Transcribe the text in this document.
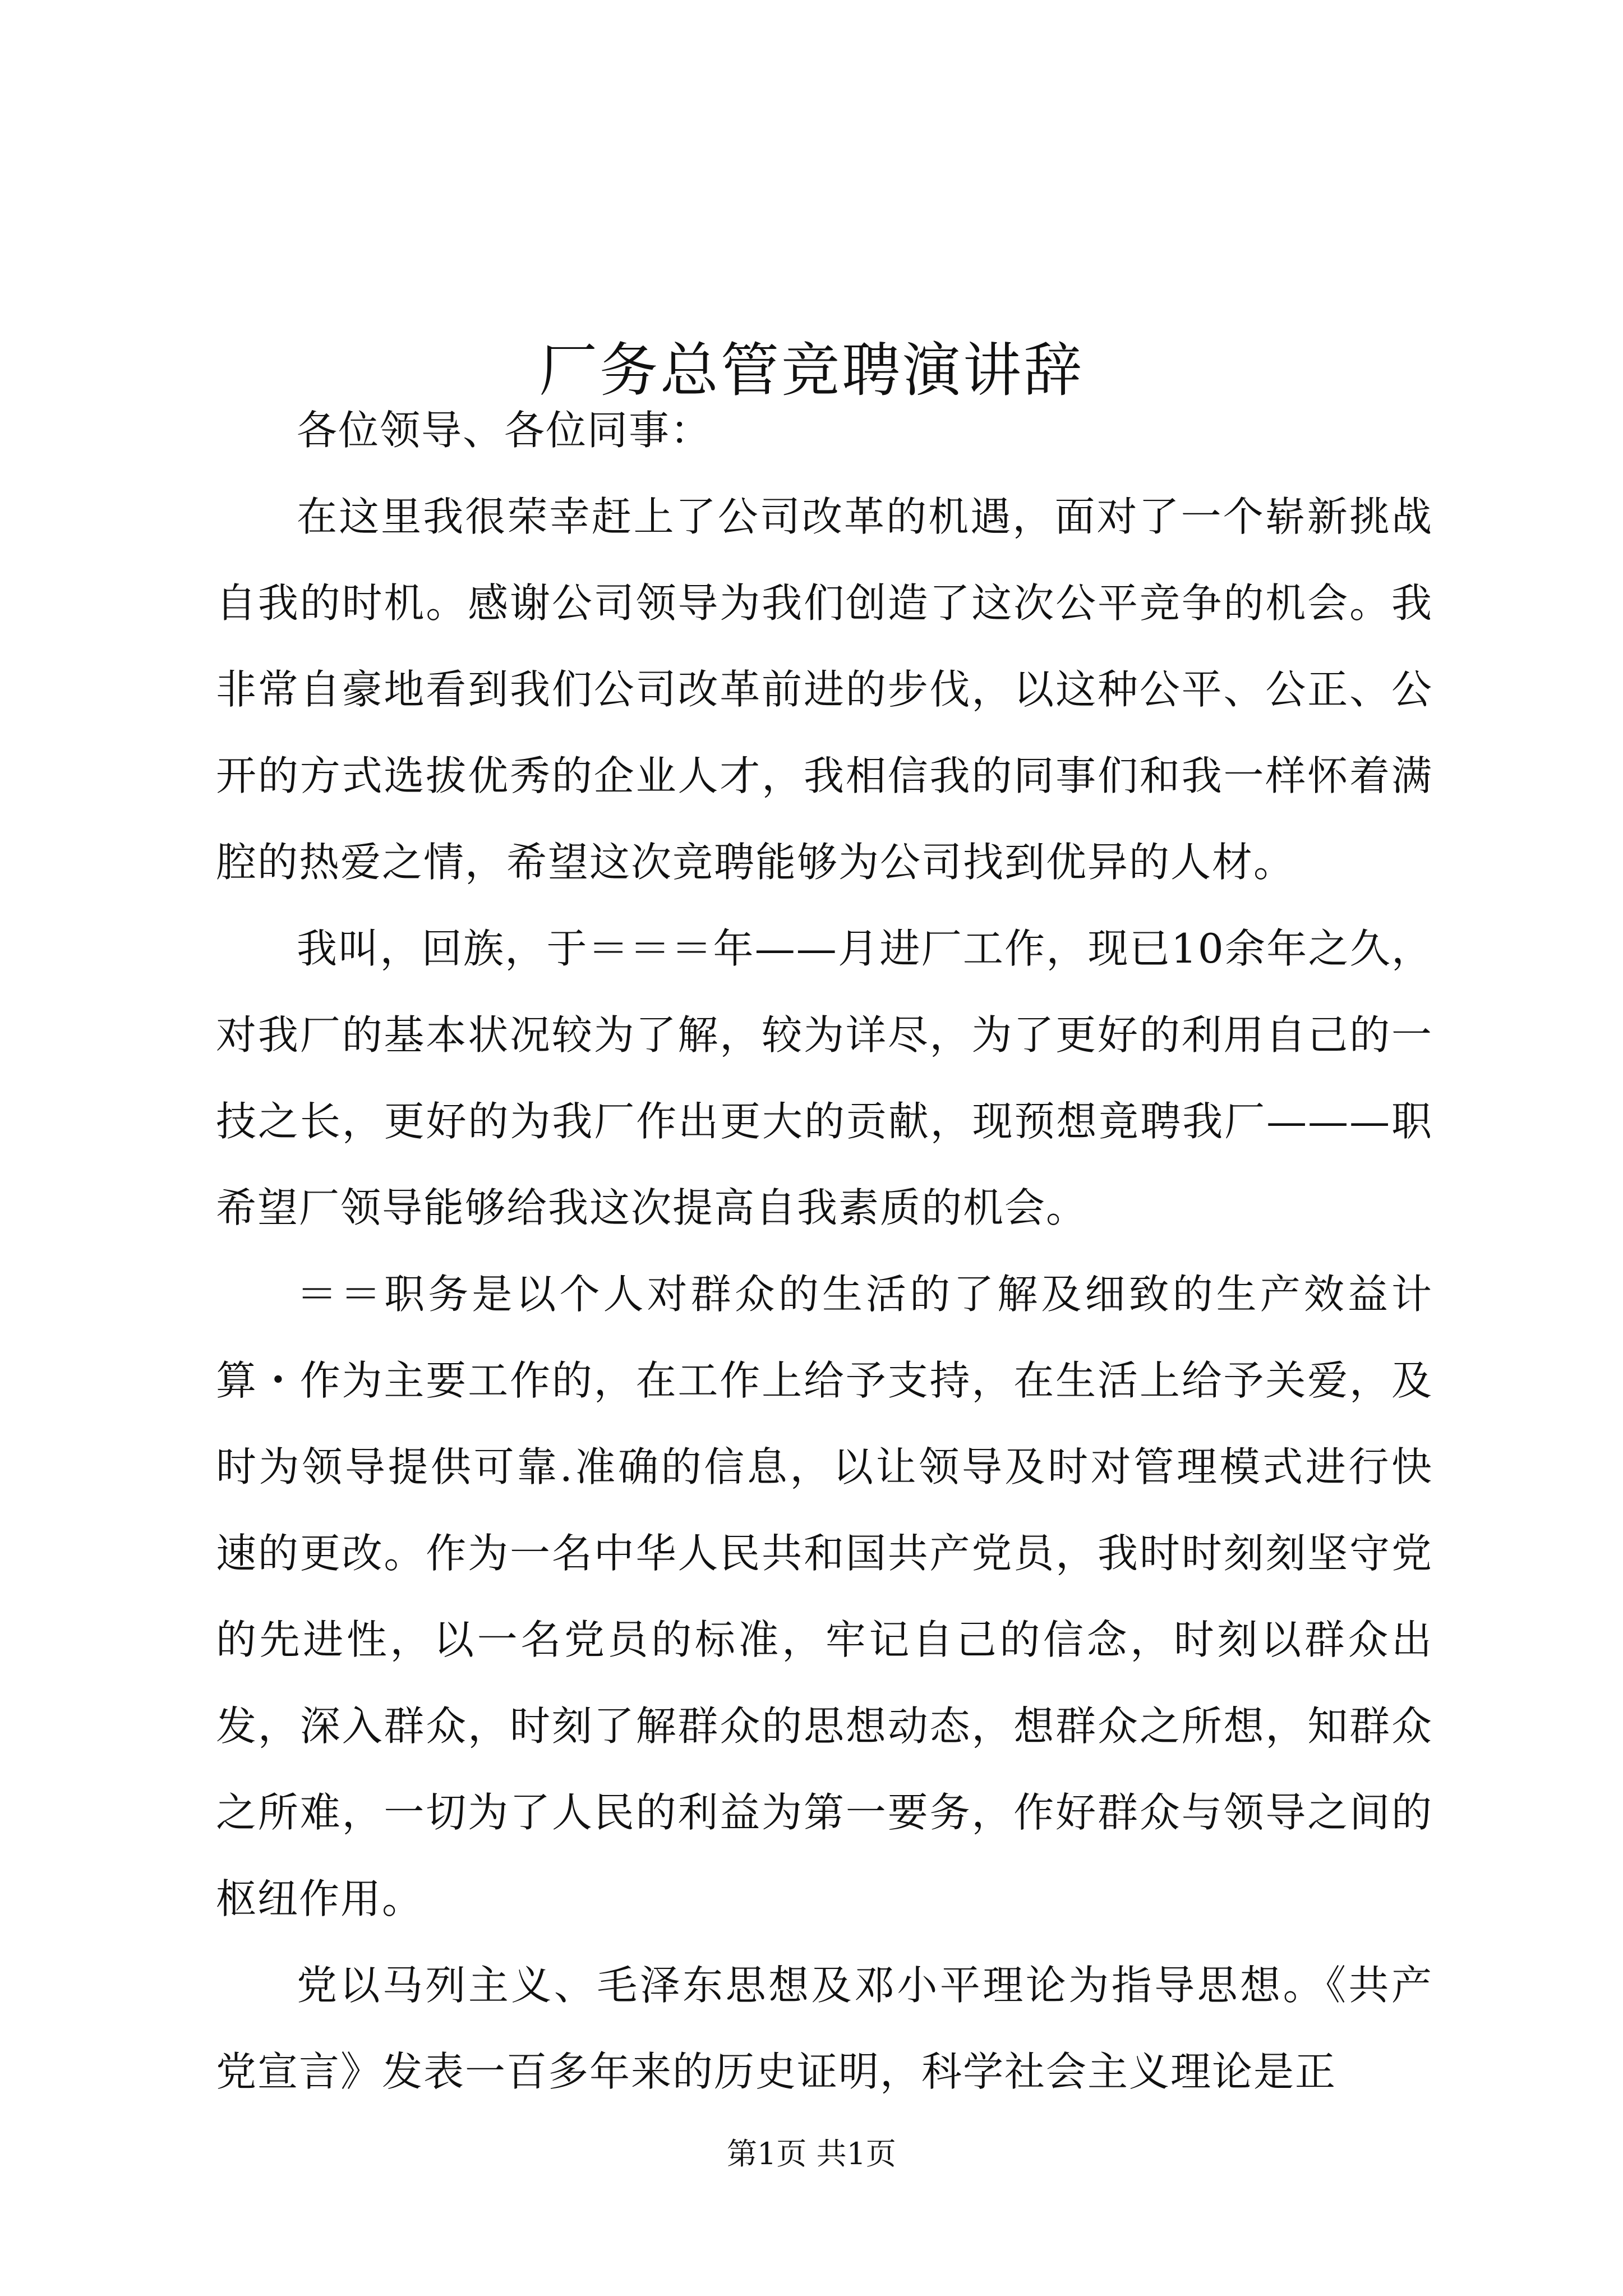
厂务总管竞聘演讲辞

各位领导、各位同事：

在这里我很荣幸赶上了公司改革的机遇，面对了一个崭新挑战自我的时机。感谢公司领导为我们创造了这次公平竞争的机会。我非常自豪地看到我们公司改革前进的步伐，以这种公平、公正、公开的方式选拔优秀的企业人才，我相信我的同事们和我一样怀着满腔的热爱之情，希望这次竞聘能够为公司找到优异的人材。

我叫，回族，于＝＝＝年——月进厂工作，现已10余年之久，对我厂的基本状况较为了解，较为详尽，为了更好的利用自己的一技之长，更好的为我厂作出更大的贡献，现预想竟聘我厂———职希望厂领导能够给我这次提高自我素质的机会。

＝＝职务是以个人对群众的生活的了解及细致的生产效益计算・作为主要工作的，在工作上给予支持，在生活上给予关爱，及时为领导提供可靠.准确的信息，以让领导及时对管理模式进行快速的更改。作为一名中华人民共和国共产党员，我时时刻刻坚守党的先进性，以一名党员的标准，牢记自己的信念，时刻以群众出发，深入群众，时刻了解群众的思想动态，想群众之所想，知群众之所难，一切为了人民的利益为第一要务，作好群众与领导之间的枢纽作用。

党以马列主义、毛泽东思想及邓小平理论为指导思想。《共产党宣言》发表一百多年来的历史证明，科学社会主义理论是正

第1页 共1页
